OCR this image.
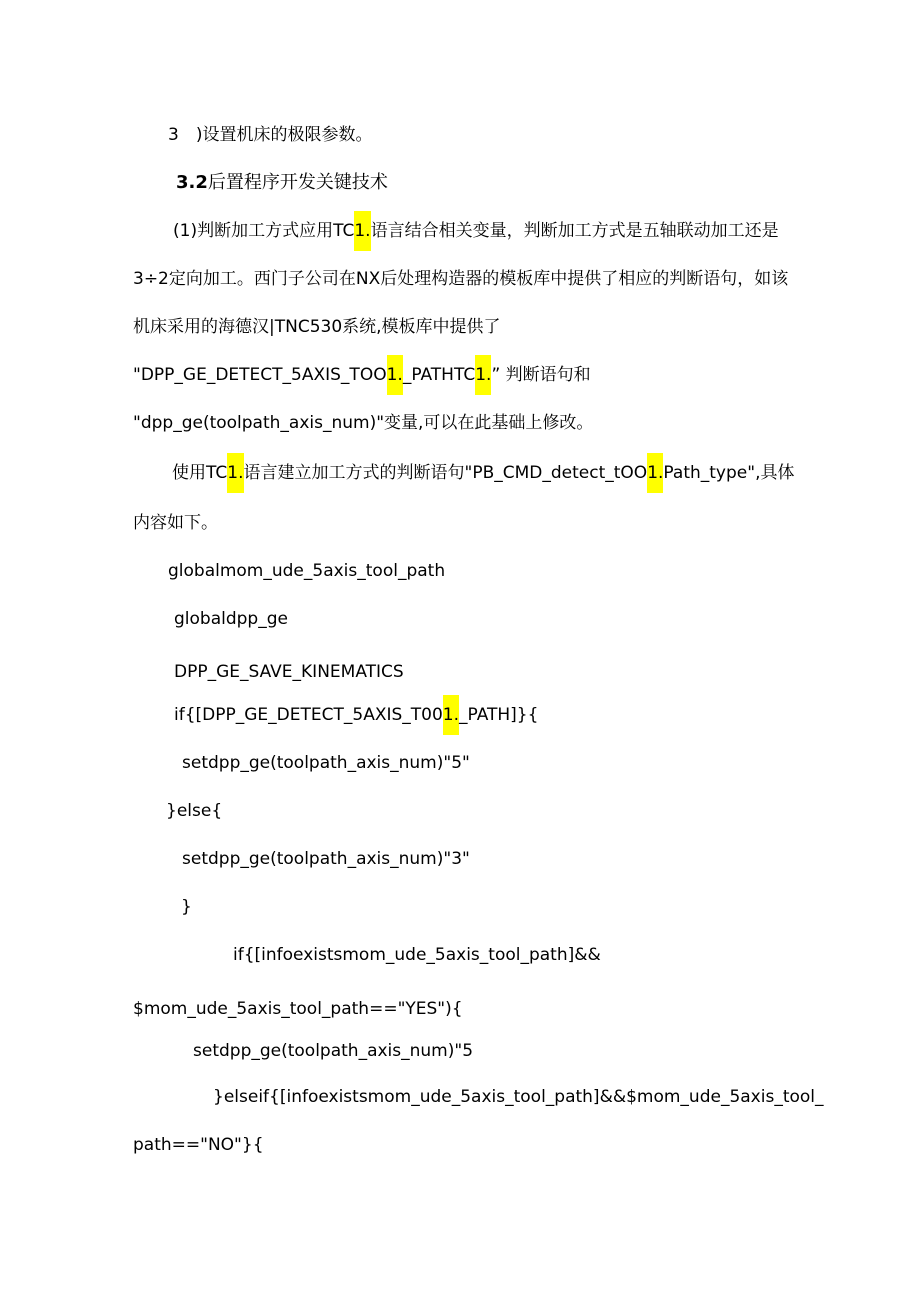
3　)设置机床的极限参数。
3.2后置程序开发关键技术
(1)判断加工方式应用TC1.语言结合相关变量，判断加工方式是五轴联动加工还是
3÷2定向加工。西门子公司在NX后处理构造器的模板库中提供了相应的判断语句，如该
机床采用的海德汉|TNC530系统,模板库中提供了
"DPP_GE_DETECT_5AXIS_TOO1._PATHTC1.” 判断语句和
"dpp_ge(toolpath_axis_num)"变量,可以在此基础上修改。
使用TC1.语言建立加工方式的判断语句"PB_CMD_detect_tOO1.Path_type",具体
内容如下。
globalmom_ude_5axis_tool_path
globaldpp_ge
DPP_GE_SAVE_KINEMATICS
if{[DPP_GE_DETECT_5AXIS_T001._PATH]}{
setdpp_ge(toolpath_axis_num)"5"
}else{
setdpp_ge(toolpath_axis_num)"3"
}
if{[infoexistsmom_ude_5axis_tool_path]&&
$mom_ude_5axis_tool_path=="YES"){
setdpp_ge(toolpath_axis_num)"5
}elseif{[infoexistsmom_ude_5axis_tool_path]&&$mom_ude_5axis_tool_
path=="NO"}{
